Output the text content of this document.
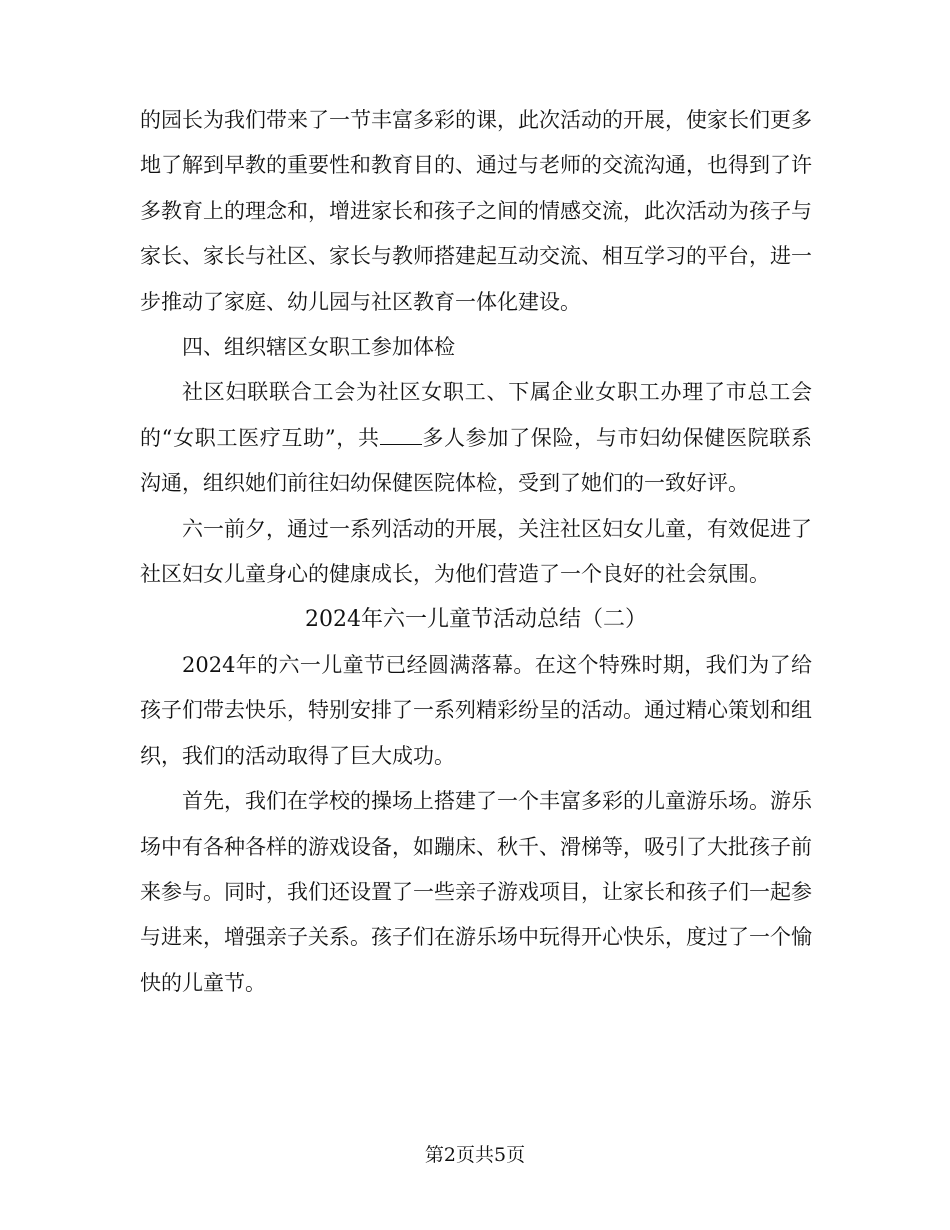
的园长为我们带来了一节丰富多彩的课，此次活动的开展，使家长们更多地了解到早教的重要性和教育目的、通过与老师的交流沟通，也得到了许多教育上的理念和，增进家长和孩子之间的情感交流，此次活动为孩子与家长、家长与社区、家长与教师搭建起互动交流、相互学习的平台，进一步推动了家庭、幼儿园与社区教育一体化建设。

四、组织辖区女职工参加体检

社区妇联联合工会为社区女职工、下属企业女职工办理了市总工会的“女职工医疗互助”，共 多人参加了保险，与市妇幼保健医院联系沟通，组织她们前往妇幼保健医院体检，受到了她们的一致好评。

六一前夕，通过一系列活动的开展，关注社区妇女儿童，有效促进了社区妇女儿童身心的健康成长，为他们营造了一个良好的社会氛围。

2024年六一儿童节活动总结（二）

2024年的六一儿童节已经圆满落幕。在这个特殊时期，我们为了给孩子们带去快乐，特别安排了一系列精彩纷呈的活动。通过精心策划和组织，我们的活动取得了巨大成功。

首先，我们在学校的操场上搭建了一个丰富多彩的儿童游乐场。游乐场中有各种各样的游戏设备，如蹦床、秋千、滑梯等，吸引了大批孩子前来参与。同时，我们还设置了一些亲子游戏项目，让家长和孩子们一起参与进来，增强亲子关系。孩子们在游乐场中玩得开心快乐，度过了一个愉快的儿童节。

第2页共5页
